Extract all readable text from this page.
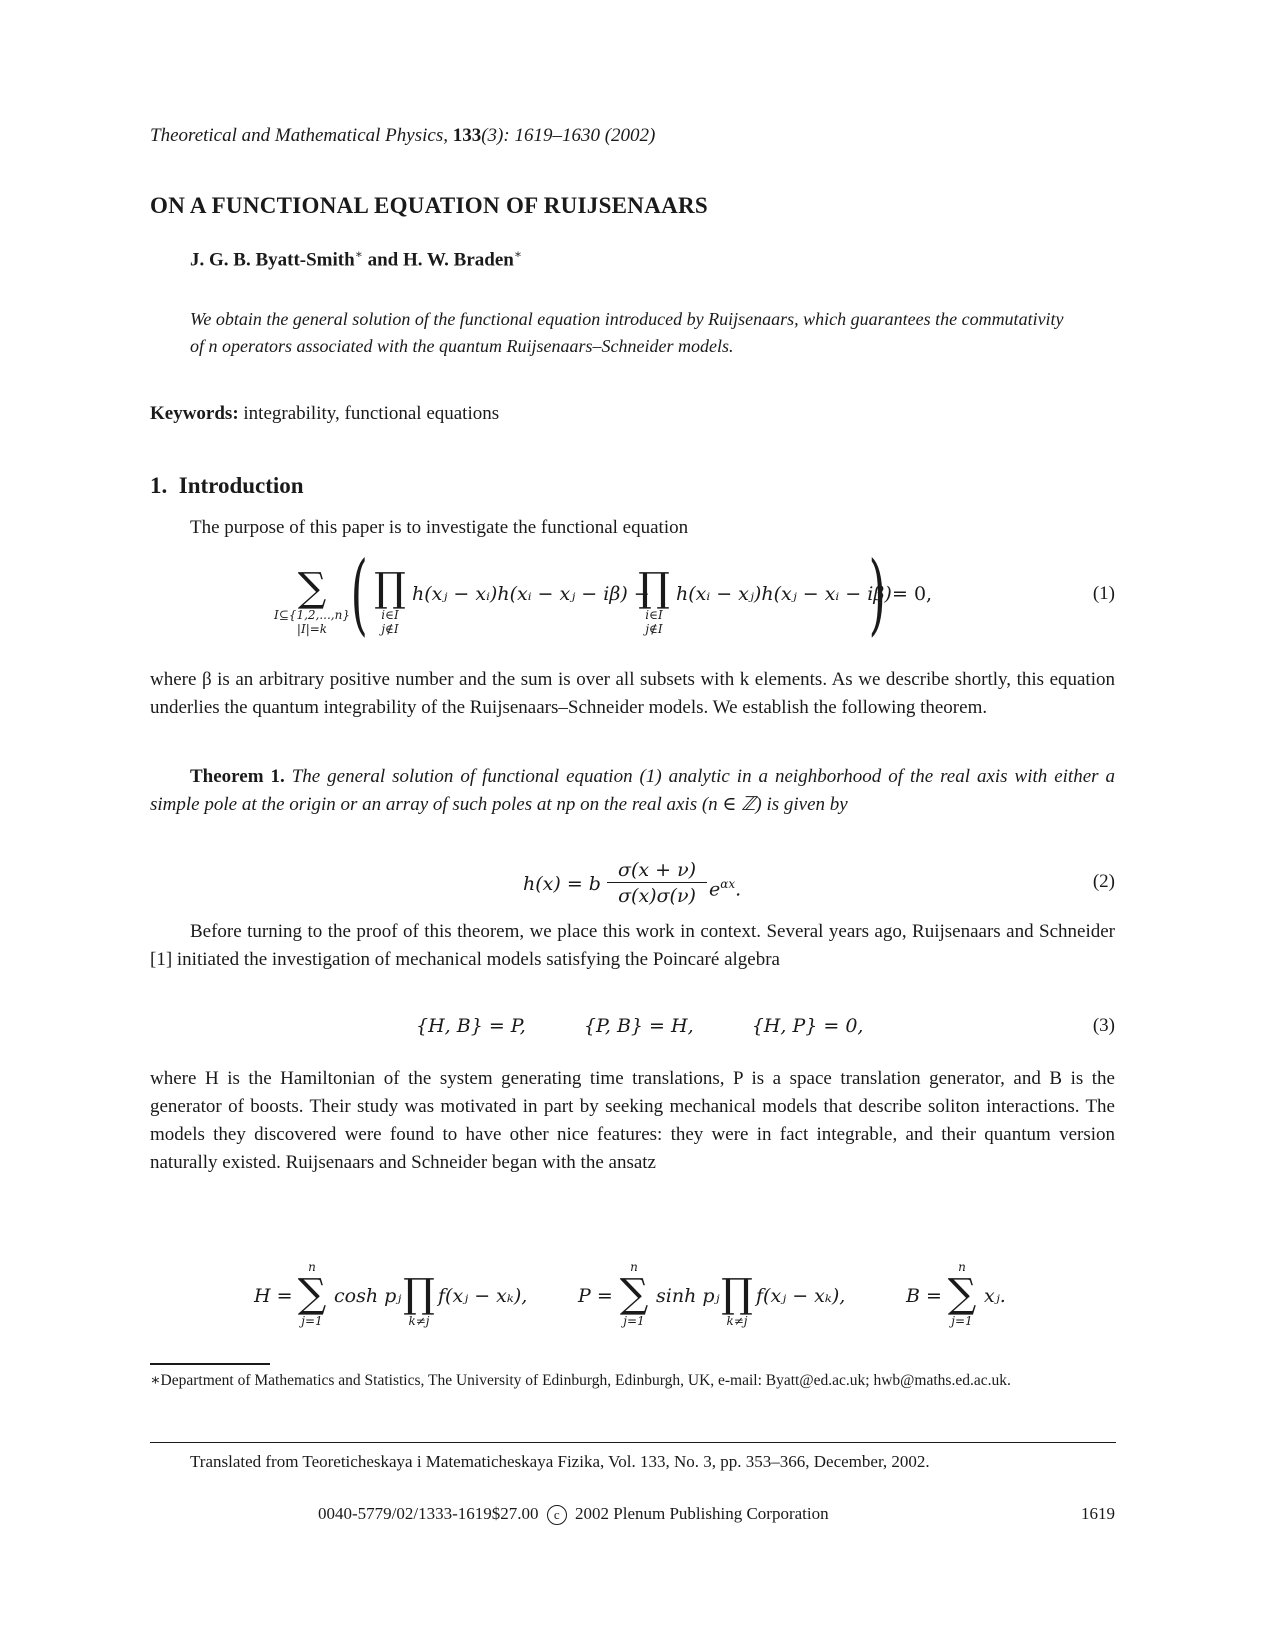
Theoretical and Mathematical Physics, 133(3): 1619–1630 (2002)
ON A FUNCTIONAL EQUATION OF RUIJSENAARS
J. G. B. Byatt-Smith∗ and H. W. Braden∗
We obtain the general solution of the functional equation introduced by Ruijsenaars, which guarantees the commutativity of n operators associated with the quantum Ruijsenaars–Schneider models.
Keywords: integrability, functional equations
1. Introduction
The purpose of this paper is to investigate the functional equation
∑
I⊆{1,2,...,n}
|I|=k ( ∏
i∈I
j∉I
h(xⱼ − xᵢ)h(xᵢ − xⱼ − iβ) −
∏
i∈I
j∉I
h(xᵢ − xⱼ)h(xⱼ − xᵢ − iβ)
) = 0,	(1)
where β is an arbitrary positive number and the sum is over all subsets with k elements. As we describe shortly, this equation underlies the quantum integrability of the Ruijsenaars–Schneider models. We establish the following theorem.
Theorem 1. The general solution of functional equation (1) analytic in a neighborhood of the real axis with either a simple pole at the origin or an array of such poles at np on the real axis (n ∈ ℤ) is given by
h(x) = b
σ(x + ν)
σ(x)σ(ν) $e^{\alpha x}$.	(2)
Before turning to the proof of this theorem, we place this work in context. Several years ago, Ruijsenaars and Schneider [1] initiated the investigation of mechanical models satisfying the Poincaré algebra
{H, B} = P,	{P, B} = H,	{H, P} = 0,	(3)
where H is the Hamiltonian of the system generating time translations, P is a space translation generator, and B is the generator of boosts. Their study was motivated in part by seeking mechanical models that describe soliton interactions. The models they discovered were found to have other nice features: they were in fact integrable, and their quantum version naturally existed. Ruijsenaars and Schneider began with the ansatz
H =
n
∑
j=1
cosh pⱼ ∏
k≠j
f(xⱼ − xₖ),	P =
n
∑
j=1
sinh pⱼ ∏
k≠j
f(xⱼ − xₖ),	B =
n
∑
j=1
xⱼ.
∗Department of Mathematics and Statistics, The University of Edinburgh, Edinburgh, UK, e-mail: Byatt@ed.ac.uk; hwb@maths.ed.ac.uk.
Translated from Teoreticheskaya i Matematicheskaya Fizika, Vol. 133, No. 3, pp. 353–366, December, 2002.
0040-5779/02/1333-1619$27.00 c 2002 Plenum Publishing Corporation	1619
